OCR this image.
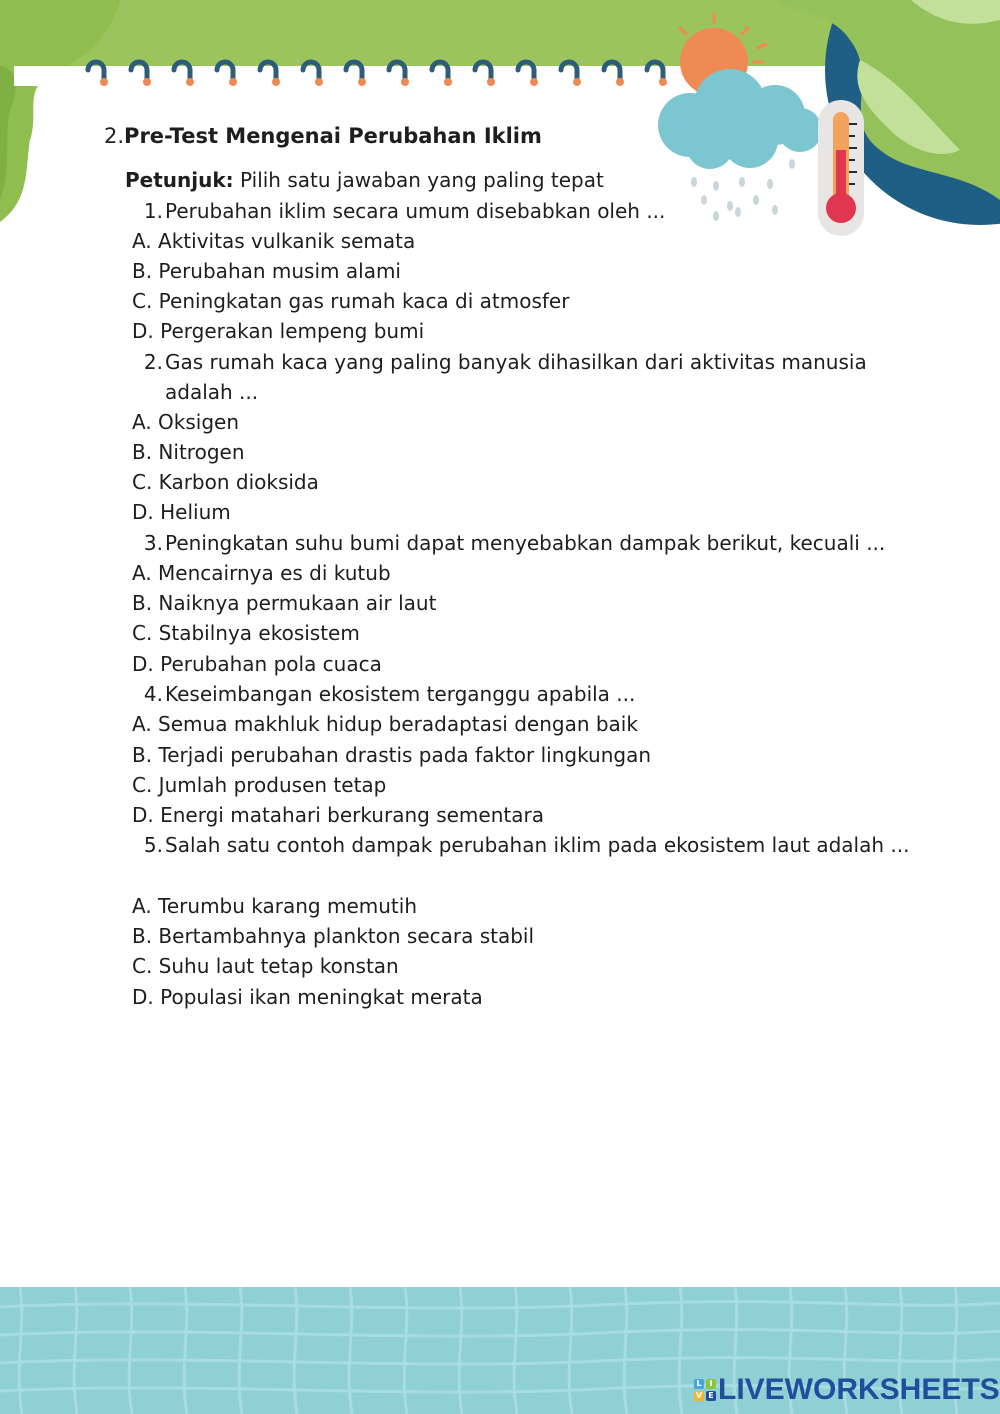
2.Pre-Test Mengenai Perubahan Iklim
Petunjuk: Pilih satu jawaban yang paling tepat
1. Perubahan iklim secara umum disebabkan oleh ...
A. Aktivitas vulkanik semata
B. Perubahan musim alami
C. Peningkatan gas rumah kaca di atmosfer
D. Pergerakan lempeng bumi
2. Gas rumah kaca yang paling banyak dihasilkan dari aktivitas manusia adalah ...
A. Oksigen
B. Nitrogen
C. Karbon dioksida
D. Helium
3. Peningkatan suhu bumi dapat menyebabkan dampak berikut, kecuali ...
A. Mencairnya es di kutub
B. Naiknya permukaan air laut
C. Stabilnya ekosistem
D. Perubahan pola cuaca
4. Keseimbangan ekosistem terganggu apabila ...
A. Semua makhluk hidup beradaptasi dengan baik
B. Terjadi perubahan drastis pada faktor lingkungan
C. Jumlah produsen tetap
D. Energi matahari berkurang sementara
5. Salah satu contoh dampak perubahan iklim pada ekosistem laut adalah ...
A. Terumbu karang memutih
B. Bertambahnya plankton secara stabil
C. Suhu laut tetap konstan
D. Populasi ikan meningkat merata
L I
V E LIVEWORKSHEETS
